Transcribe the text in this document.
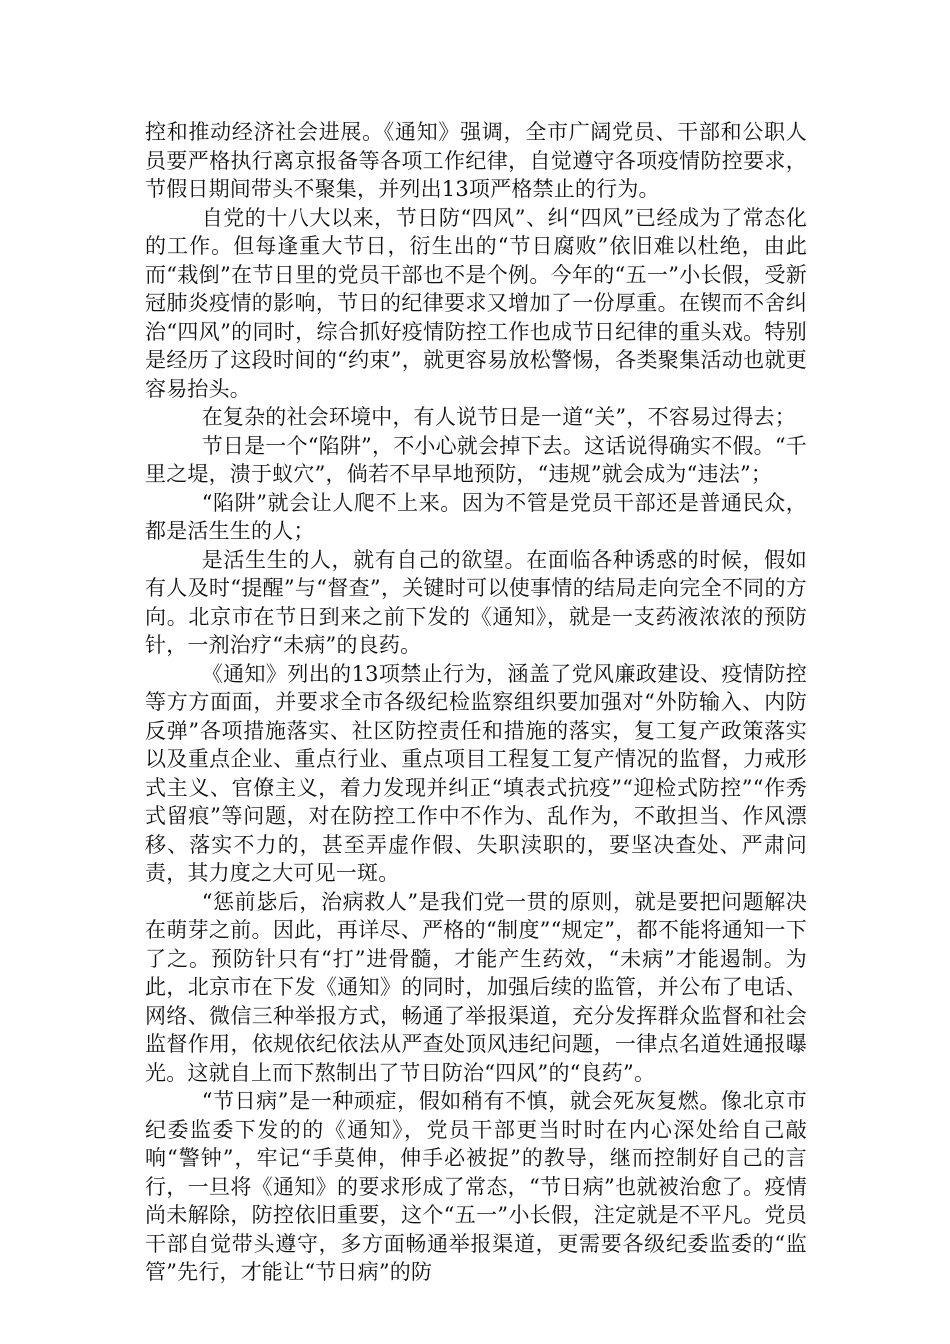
控和推动经济社会进展。《通知》强调，全市广阔党员、干部和公职人员要严格执行离京报备等各项工作纪律，自觉遵守各项疫情防控要求，节假日期间带头不聚集，并列出13项严格禁止的行为。

自党的十八大以来，节日防“四风”、纠“四风”已经成为了常态化的工作。但每逢重大节日，衍生出的“节日腐败”依旧难以杜绝，由此而“栽倒”在节日里的党员干部也不是个例。今年的“五一”小长假，受新冠肺炎疫情的影响，节日的纪律要求又增加了一份厚重。在锲而不舍纠治“四风”的同时，综合抓好疫情防控工作也成节日纪律的重头戏。特别是经历了这段时间的“约束”，就更容易放松警惕，各类聚集活动也就更容易抬头。

在复杂的社会环境中，有人说节日是一道“关”，不容易过得去；

节日是一个“陷阱”，不小心就会掉下去。这话说得确实不假。“千里之堤，溃于蚁穴”，倘若不早早地预防，“违规”就会成为“违法”；

“陷阱”就会让人爬不上来。因为不管是党员干部还是普通民众，都是活生生的人；

是活生生的人，就有自己的欲望。在面临各种诱惑的时候，假如有人及时“提醒”与“督查”，关键时可以使事情的结局走向完全不同的方向。北京市在节日到来之前下发的《通知》，就是一支药液浓浓的预防针，一剂治疗“未病”的良药。

《通知》列出的13项禁止行为，涵盖了党风廉政建设、疫情防控等方方面面，并要求全市各级纪检监察组织要加强对“外防输入、内防反弹”各项措施落实、社区防控责任和措施的落实，复工复产政策落实以及重点企业、重点行业、重点项目工程复工复产情况的监督，力戒形式主义、官僚主义，着力发现并纠正“填表式抗疫”“迎检式防控”“作秀式留痕”等问题，对在防控工作中不作为、乱作为，不敢担当、作风漂移、落实不力的，甚至弄虚作假、失职渎职的，要坚决查处、严肃问责，其力度之大可见一斑。

“惩前毖后，治病救人”是我们党一贯的原则，就是要把问题解决在萌芽之前。因此，再详尽、严格的“制度”“规定”，都不能将通知一下了之。预防针只有“打”进骨髓，才能产生药效，“未病”才能遏制。为此，北京市在下发《通知》的同时，加强后续的监管，并公布了电话、网络、微信三种举报方式，畅通了举报渠道，充分发挥群众监督和社会监督作用，依规依纪依法从严查处顶风违纪问题，一律点名道姓通报曝光。这就自上而下熬制出了节日防治“四风”的“良药”。

“节日病”是一种顽症，假如稍有不慎，就会死灰复燃。像北京市纪委监委下发的的《通知》，党员干部更当时时在内心深处给自己敲响“警钟”，牢记“手莫伸，伸手必被捉”的教导，继而控制好自己的言行，一旦将《通知》的要求形成了常态，“节日病”也就被治愈了。疫情尚未解除，防控依旧重要，这个“五一”小长假，注定就是不平凡。党员干部自觉带头遵守，多方面畅通举报渠道，更需要各级纪委监委的“监管”先行，才能让“节日病”的防
